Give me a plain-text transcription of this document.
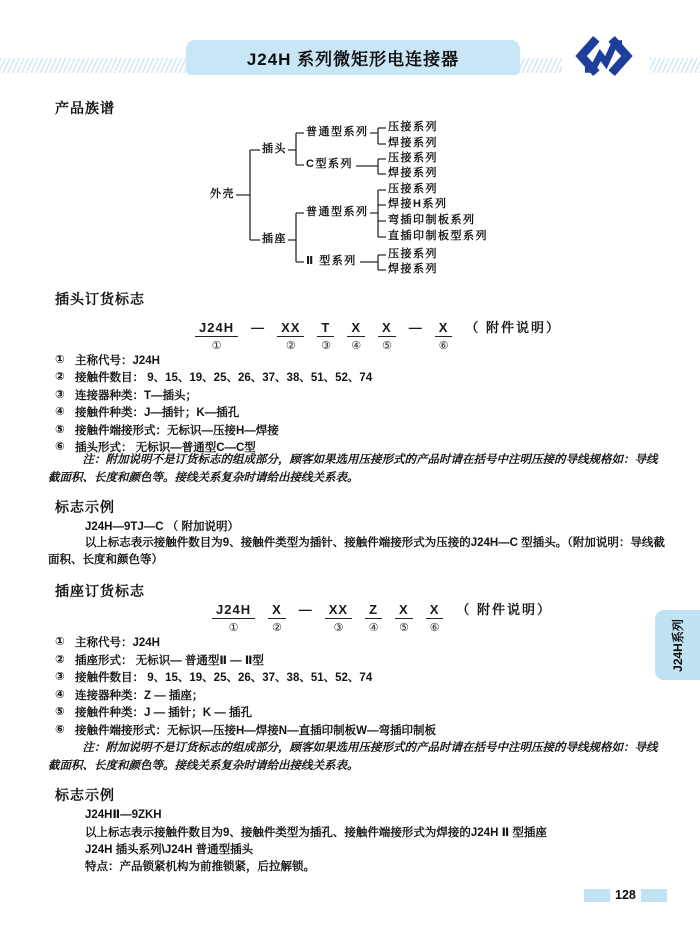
J24H 系列微矩形电连接器
产品族谱
外壳
插头
插座
普通型系列
C型系列
普通型系列
Ⅱ 型系列
压接系列
焊接系列
压接系列
焊接系列
压接系列
焊接H系列
弯插印制板系列
直插印制板型系列
压接系列
焊接系列
插头订货标志
J24H
①
—	XX
②
T
③
X
④
X
⑤
—	X
⑥
（ 附件说明）
① 主称代号：J24H
② 接触件数目： 9、15、19、25、26、37、38、51、52、74
③ 连接器种类：T—插头；
④ 接触件种类：J—插针；K—插孔
⑤ 接触件端接形式：无标识—压接H—焊接
⑥ 插头形式： 无标识—普通型C—C型
注：附加说明不是订货标志的组成部分，顾客如果选用压接形式的产品时请在括号中注明压接的导线规格如：导线截面积、长度和颜色等。接线关系复杂时请给出接线关系表。
标志示例
J24H—9TJ—C （ 附加说明）
以上标志表示接触件数目为9、接触件类型为插针、接触件端接形式为压接的J24H—C 型插头。（附加说明：导线截面积、长度和颜色等）
插座订货标志
J24H
①
X
②
—	XX
③
Z
④
X
⑤
X
⑥
（ 附件说明）
① 主称代号：J24H
② 插座形式： 无标识— 普通型Ⅱ — Ⅱ型
③ 接触件数目： 9、15、19、25、26、37、38、51、52、74
④ 连接器种类：Z — 插座；
⑤ 接触件种类：J — 插针；K — 插孔
⑥ 接触件端接形式：无标识—压接H—焊接N—直插印制板W—弯插印制板
注：附加说明不是订货标志的组成部分，顾客如果选用压接形式的产品时请在括号中注明压接的导线规格如：导线截面积、长度和颜色等。接线关系复杂时请给出接线关系表。
标志示例
J24HⅡ—9ZKH
以上标志表示接触件数目为9、接触件类型为插孔、接触件端接形式为焊接的J24H Ⅱ 型插座
J24H 插头系列\J24H 普通型插头
特点：产品锁紧机构为前推锁紧，后拉解锁。
J24H系列
128
